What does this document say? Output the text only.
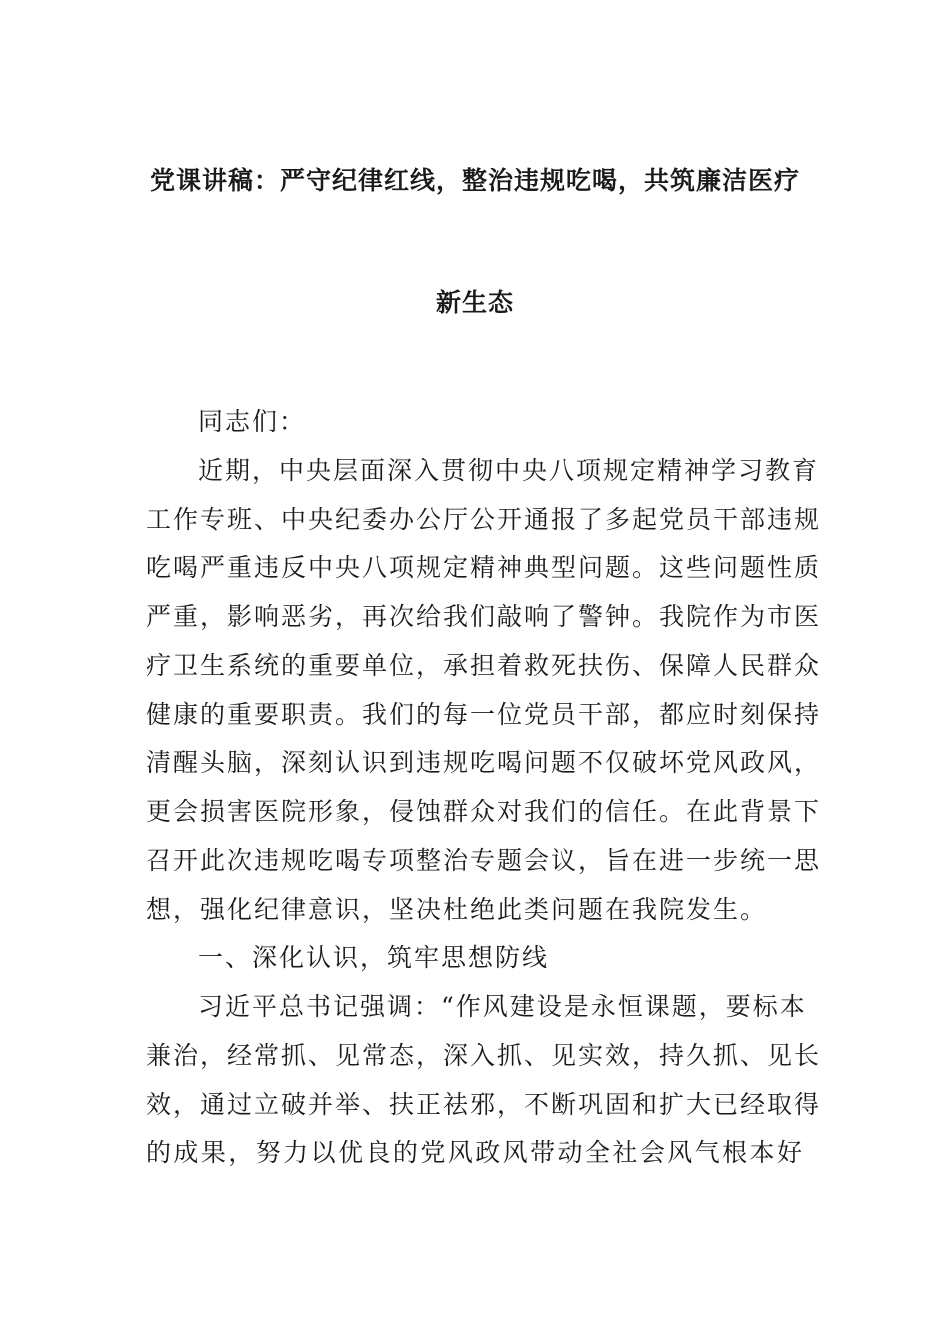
党课讲稿：严守纪律红线，整治违规吃喝，共筑廉洁医疗
新生态
同志们：
近期，中央层面深入贯彻中央八项规定精神学习教育
工作专班、中央纪委办公厅公开通报了多起党员干部违规
吃喝严重违反中央八项规定精神典型问题。这些问题性质
严重，影响恶劣，再次给我们敲响了警钟。我院作为市医
疗卫生系统的重要单位，承担着救死扶伤、保障人民群众
健康的重要职责。我们的每一位党员干部，都应时刻保持
清醒头脑，深刻认识到违规吃喝问题不仅破坏党风政风，
更会损害医院形象，侵蚀群众对我们的信任。在此背景下
召开此次违规吃喝专项整治专题会议，旨在进一步统一思
想，强化纪律意识，坚决杜绝此类问题在我院发生。
一、深化认识，筑牢思想防线
习近平总书记强调：“作风建设是永恒课题，要标本
兼治，经常抓、见常态，深入抓、见实效，持久抓、见长
效，通过立破并举、扶正祛邪，不断巩固和扩大已经取得
的成果，努力以优良的党风政风带动全社会风气根本好
